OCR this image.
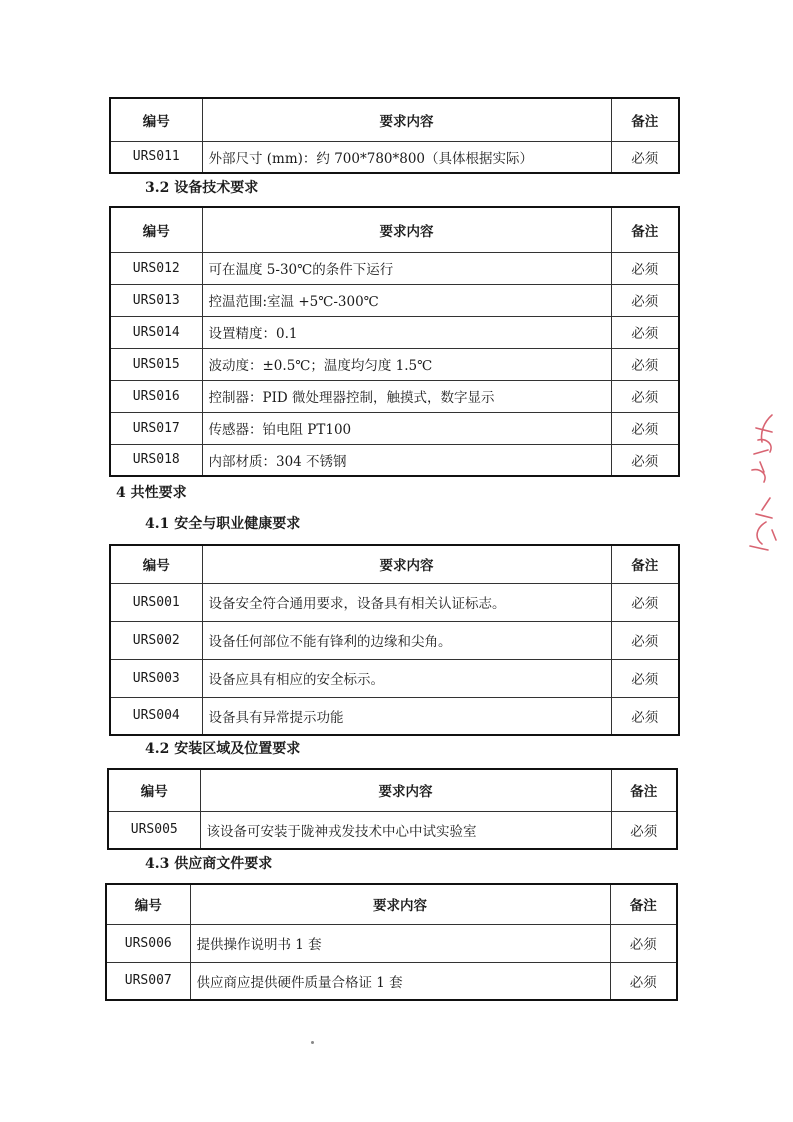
编号	要求内容	备注
URS011	外部尺寸 (mm)：约 700*780*800（具体根据实际）	必须
3.2 设备技术要求
编号	要求内容	备注
URS012	可在温度 5-30℃的条件下运行	必须
URS013	控温范围:室温 +5℃-300℃	必须
URS014	设置精度：0.1	必须
URS015	波动度：±0.5℃；温度均匀度 1.5℃	必须
URS016	控制器：PID 微处理器控制，触摸式，数字显示	必须
URS017	传感器：铂电阻 PT100	必须
URS018	内部材质：304 不锈钢	必须
4 共性要求
4.1 安全与职业健康要求
编号	要求内容	备注
URS001	设备安全符合通用要求，设备具有相关认证标志。	必须
URS002	设备任何部位不能有锋利的边缘和尖角。	必须
URS003	设备应具有相应的安全标示。	必须
URS004	设备具有异常提示功能	必须
4.2 安装区域及位置要求
编号	要求内容	备注
URS005	该设备可安装于陇神戎发技术中心中试实验室	必须
4.3 供应商文件要求
编号	要求内容	备注
URS006	提供操作说明书 1 套	必须
URS007	供应商应提供硬件质量合格证 1 套	必须
